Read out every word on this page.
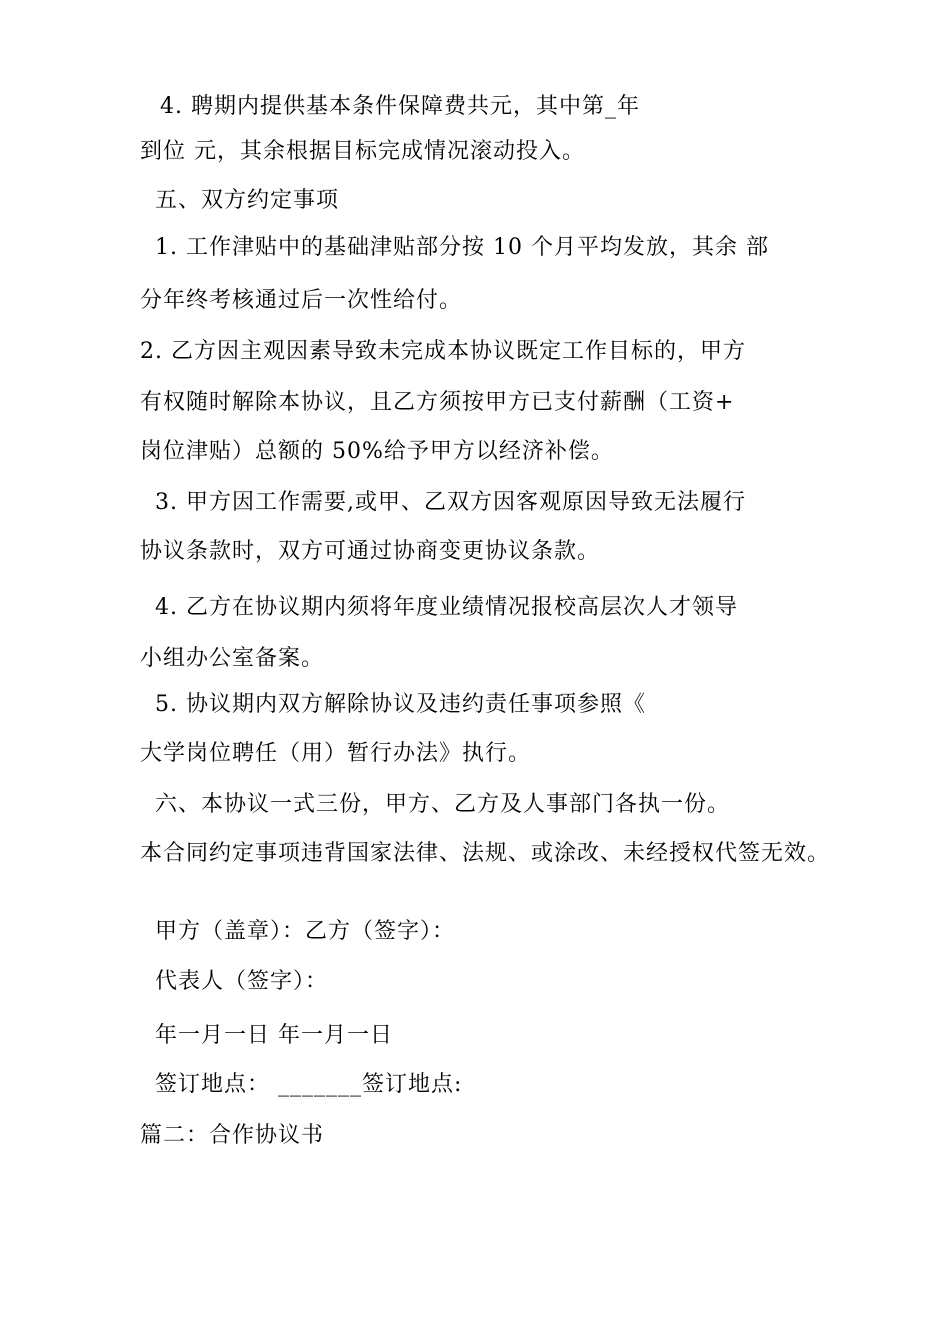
4. 聘期内提供基本条件保障费共元，其中第_年
到位 元，其余根据目标完成情况滚动投入。
五、双方约定事项
1. 工作津贴中的基础津贴部分按 10 个月平均发放，其余 部
分年终考核通过后一次性给付。
2. 乙方因主观因素导致未完成本协议既定工作目标的，甲方
有权随时解除本协议，且乙方须按甲方已支付薪酬（工资+
岗位津贴）总额的 50%给予甲方以经济补偿。
3. 甲方因工作需要,或甲、乙双方因客观原因导致无法履行
协议条款时，双方可通过协商变更协议条款。
4. 乙方在协议期内须将年度业绩情况报校高层次人才领导
小组办公室备案。
5. 协议期内双方解除协议及违约责任事项参照《
大学岗位聘任（用）暂行办法》执行。
六、本协议一式三份，甲方、乙方及人事部门各执一份。
本合同约定事项违背国家法律、法规、或涂改、未经授权代签无效。
甲方（盖章）：乙方（签字）：
代表人（签字）：
年一月一日 年一月一日
签订地点： _______签订地点:
篇二：合作协议书
